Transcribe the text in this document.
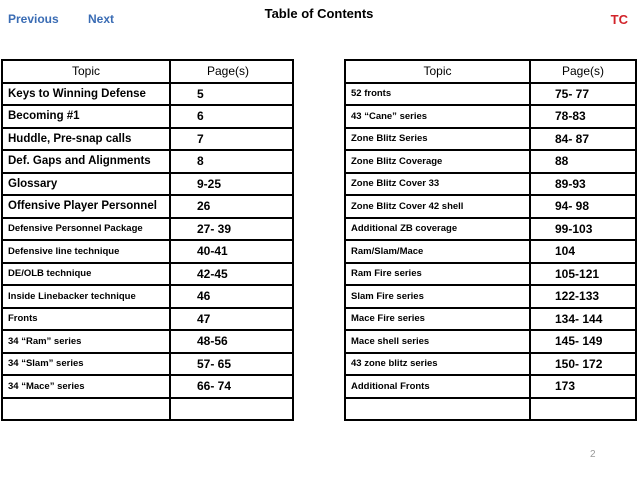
Previous Next	Table of Contents	TC
Topic	Page(s)
Keys to Winning Defense	5
Becoming #1	6
Huddle, Pre-snap calls	7
Def. Gaps and Alignments	8
Glossary	9-25
Offensive Player Personnel	26
Defensive Personnel Package	27- 39
Defensive line technique	40-41
DE/OLB technique	42-45
Inside Linebacker technique	46
Fronts	47
34 “Ram” series	48-56
34 “Slam” series	57- 65
34 “Mace” series	66- 74

Topic	Page(s)
52 fronts	75- 77
43 “Cane” series	78-83
Zone Blitz Series	84- 87
Zone Blitz Coverage	88
Zone Blitz Cover 33	89-93
Zone Blitz Cover 42 shell	94- 98
Additional ZB coverage	99-103
Ram/Slam/Mace	104
Ram Fire series	105-121
Slam Fire series	122-133
Mace Fire series	134- 144
Mace shell series	145- 149
43 zone blitz series	150- 172
Additional Fronts	173

2
